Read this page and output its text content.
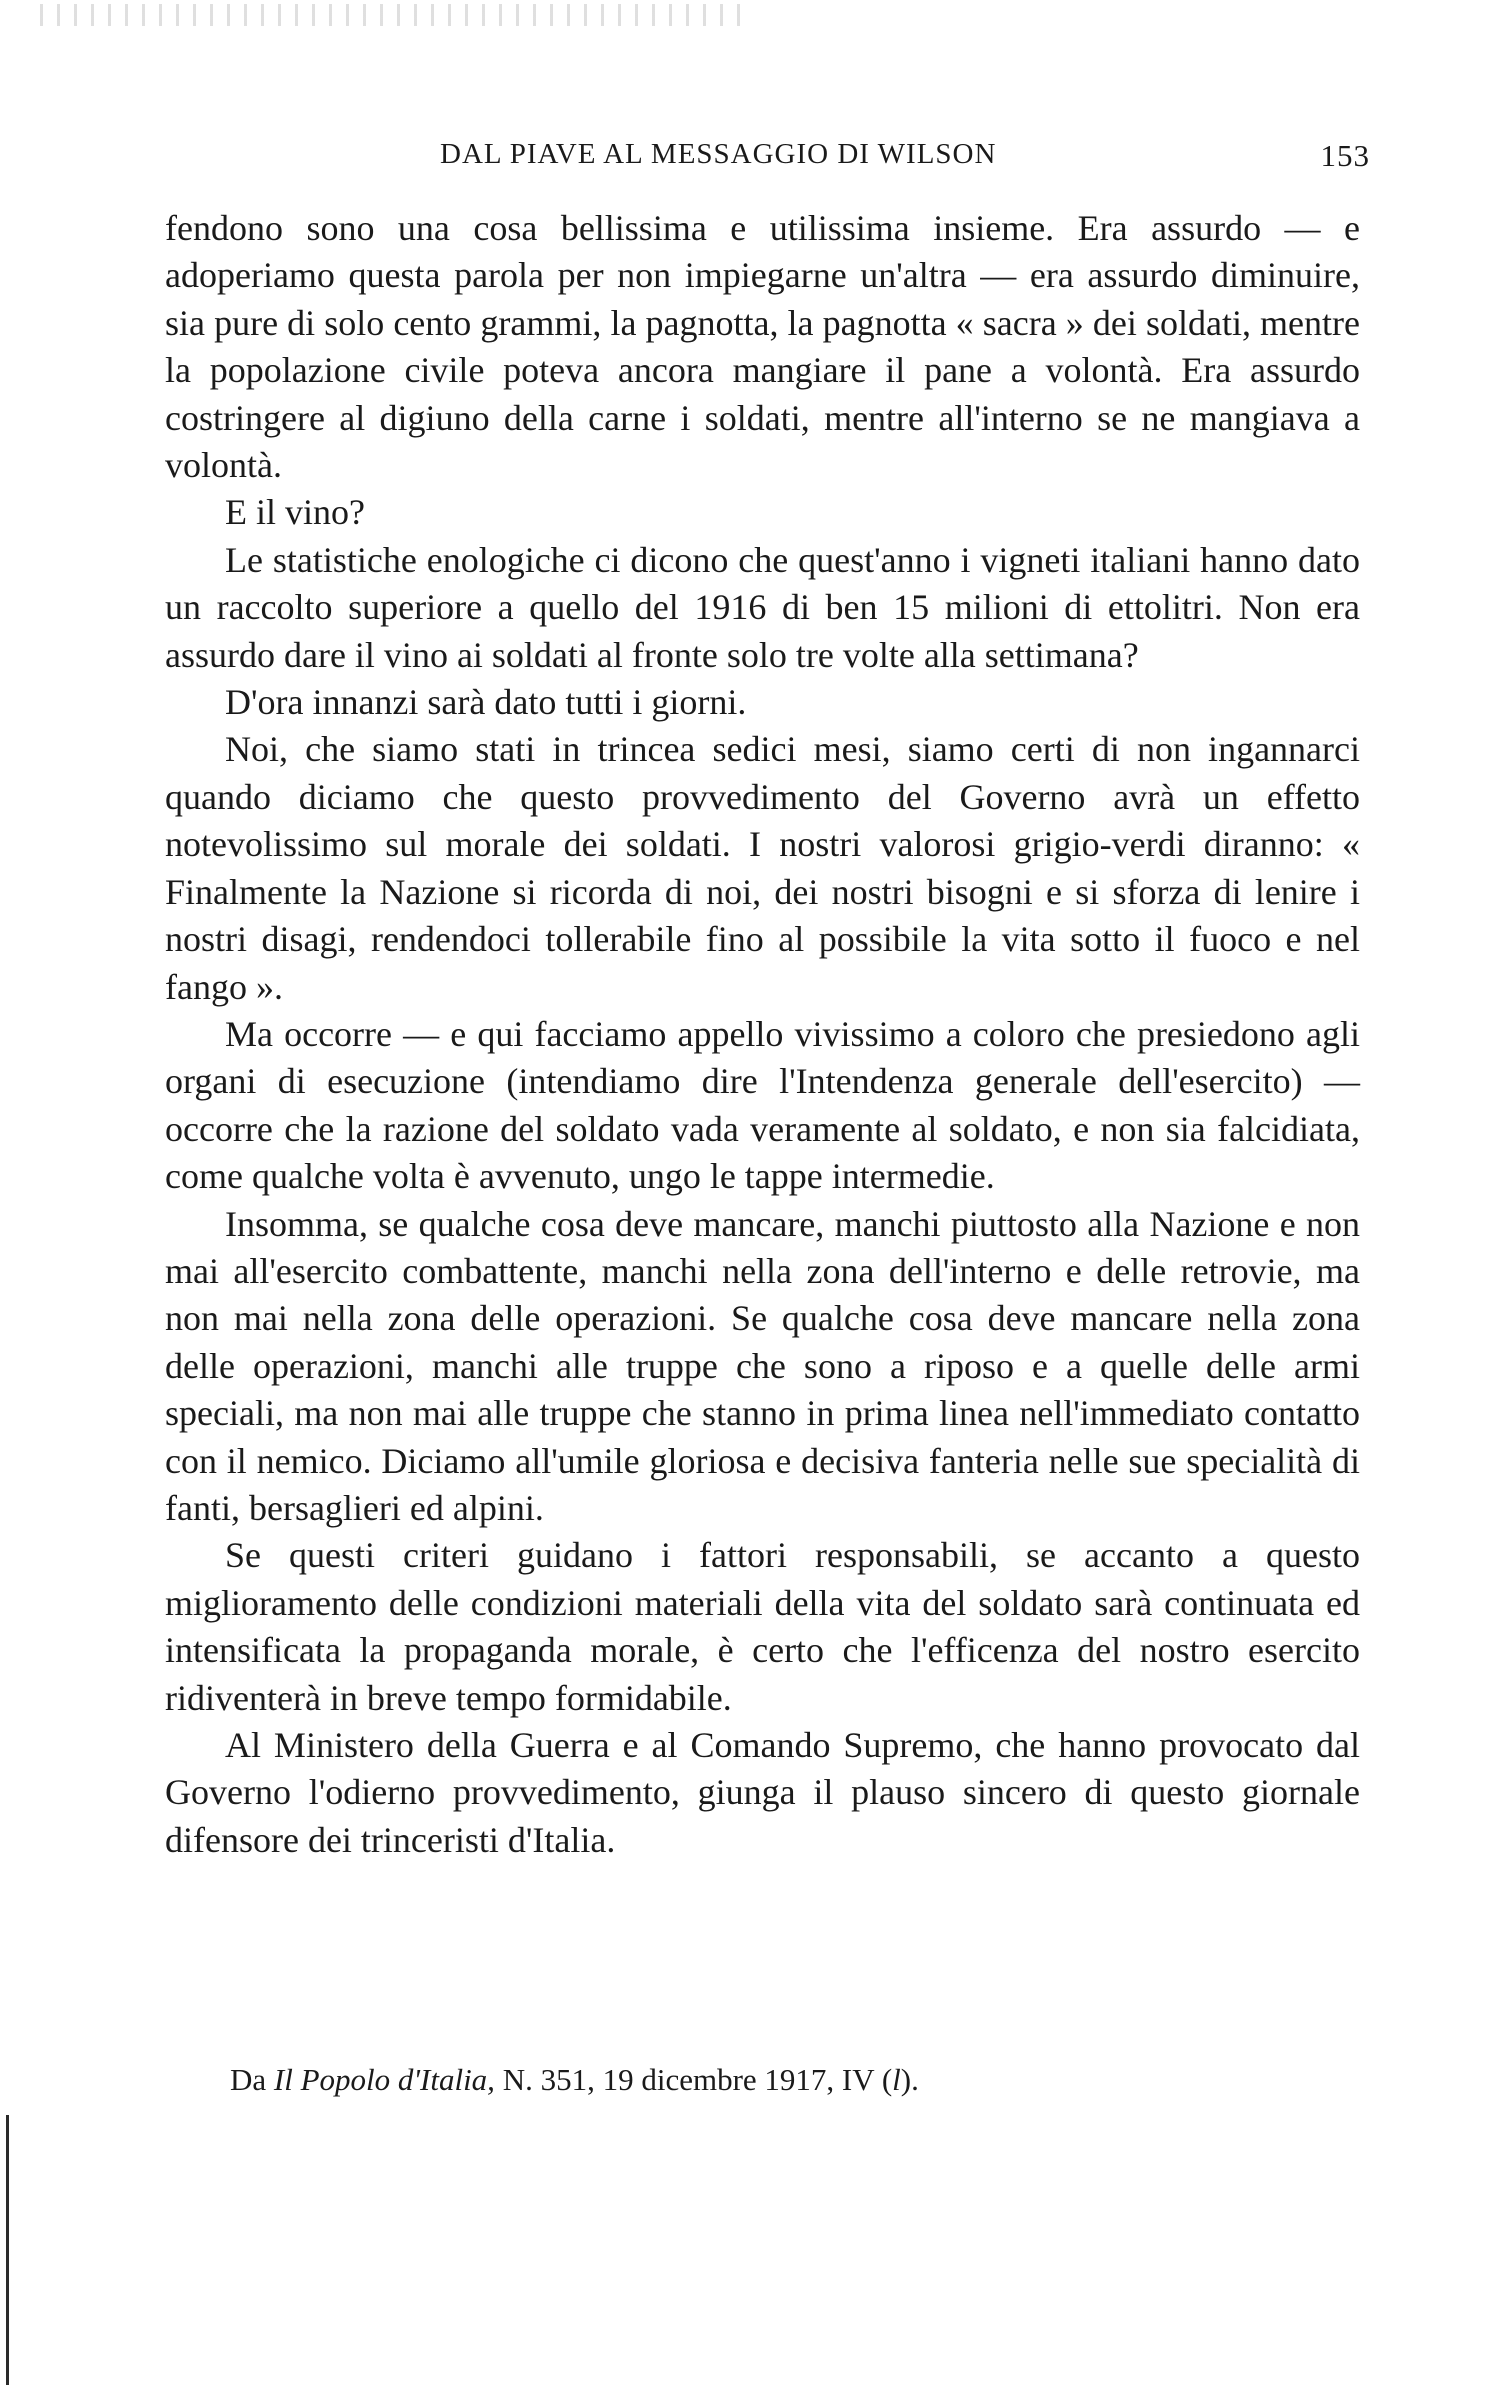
DAL PIAVE AL MESSAGGIO DI WILSON	153

fendono sono una cosa bellissima e utilissima insieme. Era assurdo — e adoperiamo questa parola per non impiegarne un'altra — era assurdo diminuire, sia pure di solo cento grammi, la pagnotta, la pagnotta « sacra » dei soldati, mentre la popolazione civile poteva ancora mangiare il pane a volontà. Era assurdo costringere al digiuno della carne i soldati, mentre all'interno se ne mangiava a volontà.

E il vino?

Le statistiche enologiche ci dicono che quest'anno i vigneti italiani hanno dato un raccolto superiore a quello del 1916 di ben 15 milioni di ettolitri. Non era assurdo dare il vino ai soldati al fronte solo tre volte alla settimana?

D'ora innanzi sarà dato tutti i giorni.

Noi, che siamo stati in trincea sedici mesi, siamo certi di non ingannarci quando diciamo che questo provvedimento del Governo avrà un effetto notevolissimo sul morale dei soldati. I nostri valorosi grigio-verdi diranno: « Finalmente la Nazione si ricorda di noi, dei nostri bisogni e si sforza di lenire i nostri disagi, rendendoci tollerabile fino al possibile la vita sotto il fuoco e nel fango ».

Ma occorre — e qui facciamo appello vivissimo a coloro che presiedono agli organi di esecuzione (intendiamo dire l'Intendenza generale dell'esercito) — occorre che la razione del soldato vada veramente al soldato, e non sia falcidiata, come qualche volta è avvenuto, ungo le tappe intermedie.

Insomma, se qualche cosa deve mancare, manchi piuttosto alla Nazione e non mai all'esercito combattente, manchi nella zona dell'interno e delle retrovie, ma non mai nella zona delle operazioni. Se qualche cosa deve mancare nella zona delle operazioni, manchi alle truppe che sono a riposo e a quelle delle armi speciali, ma non mai alle truppe che stanno in prima linea nell'immediato contatto con il nemico. Diciamo all'umile gloriosa e decisiva fanteria nelle sue specialità di fanti, bersaglieri ed alpini.

Se questi criteri guidano i fattori responsabili, se accanto a questo miglioramento delle condizioni materiali della vita del soldato sarà continuata ed intensificata la propaganda morale, è certo che l'efficenza del nostro esercito ridiventerà in breve tempo formidabile.

Al Ministero della Guerra e al Comando Supremo, che hanno provocato dal Governo l'odierno provvedimento, giunga il plauso sincero di questo giornale difensore dei trinceristi d'Italia.

Da Il Popolo d'Italia, N. 351, 19 dicembre 1917, IV (l).
